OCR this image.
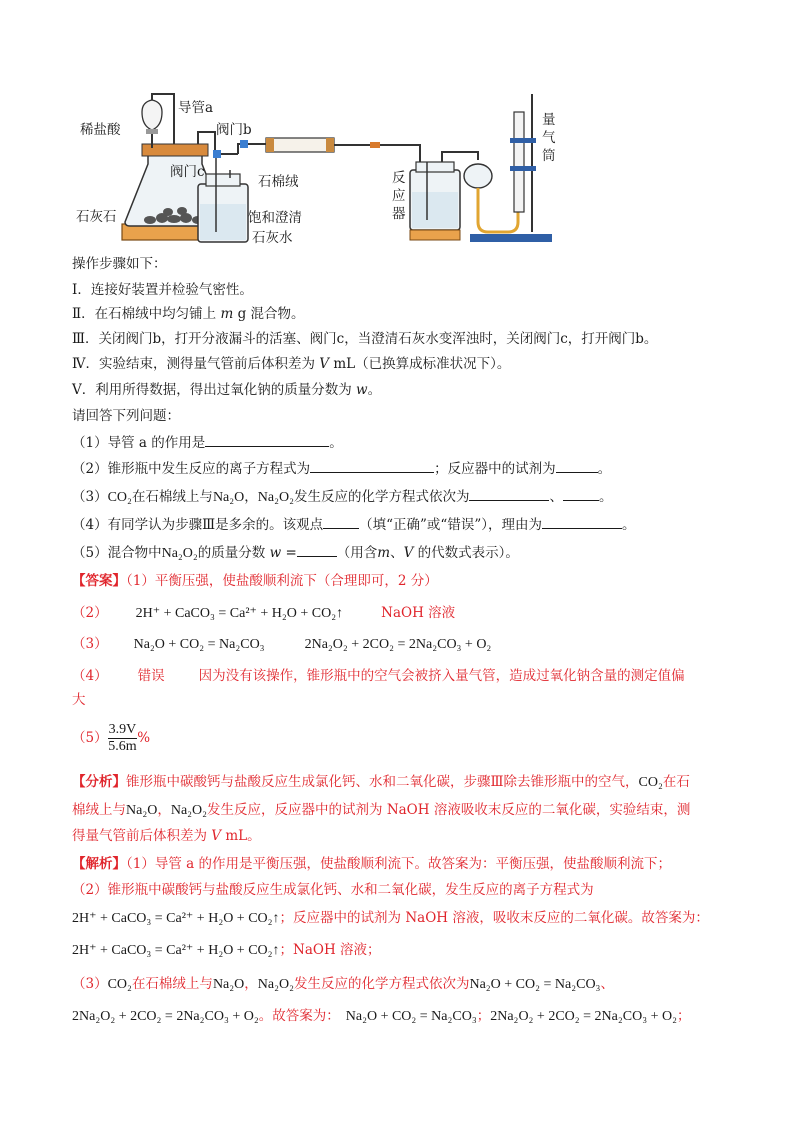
稀盐酸
导管a
阀门b
阀门c
石棉绒
石灰石	饱和澄清
石灰水
反
应
器
量
气
筒
操作步骤如下：
Ⅰ．连接好装置并检验气密性。
Ⅱ．在石棉绒中均匀铺上 m g 混合物。
Ⅲ．关闭阀门b，打开分液漏斗的活塞、阀门c，当澄清石灰水变浑浊时，关闭阀门c，打开阀门b。
Ⅳ．实验结束，测得量气管前后体积差为 V mL（已换算成标准状况下）。
Ⅴ．利用所得数据，得出过氧化钠的质量分数为 w。
请回答下列问题：
（1）导管 a 的作用是	。
（2）锥形瓶中发生反应的离子方程式为	；反应器中的试剂为	。
（3）CO₂在石棉绒上与Na₂O，Na₂O₂发生反应的化学方程式依次为	、	。
（4）有同学认为步骤Ⅲ是多余的。该观点	（填“正确”或“错误”），理由为	。
（5）混合物中Na₂O₂的质量分数 w =	（用含m、V 的代数式表示）。
【答案】（1）平衡压强，使盐酸顺利流下（合理即可，2 分）
（2） 2H⁺ + CaCO₃ = Ca²⁺ + H₂O + CO₂↑	NaOH 溶液
（3） Na₂O + CO₂ = Na₂CO₃	2Na₂O₂ + 2CO₂ = 2Na₂CO₃ + O₂
（4） 错误	因为没有该操作，锥形瓶中的空气会被挤入量气管，造成过氧化钠含量的测定值偏
大
$(5) \frac{3.9V}{5.6m}$ %
【分析】锥形瓶中碳酸钙与盐酸反应生成氯化钙、水和二氧化碳，步骤Ⅲ除去锥形瓶中的空气，CO₂在石
棉绒上与Na₂O，Na₂O₂发生反应，反应器中的试剂为 NaOH 溶液吸收末反应的二氧化碳，实验结束，测
得量气管前后体积差为 V mL。
【解析】（1）导管 a 的作用是平衡压强，使盐酸顺利流下。故答案为：平衡压强，使盐酸顺利流下；
（2）锥形瓶中碳酸钙与盐酸反应生成氯化钙、水和二氧化碳，发生反应的离子方程式为
2H⁺ + CaCO₃ = Ca²⁺ + H₂O + CO₂↑；反应器中的试剂为 NaOH 溶液，吸收末反应的二氧化碳。故答案为：
2H⁺ + CaCO₃ = Ca²⁺ + H₂O + CO₂↑；NaOH 溶液；
（3）CO₂在石棉绒上与Na₂O，Na₂O₂发生反应的化学方程式依次为Na₂O + CO₂ = Na₂CO₃、
2Na₂O₂ + 2CO₂ = 2Na₂CO₃ + O₂。故答案为： Na₂O + CO₂ = Na₂CO₃；2Na₂O₂ + 2CO₂ = 2Na₂CO₃ + O₂；
